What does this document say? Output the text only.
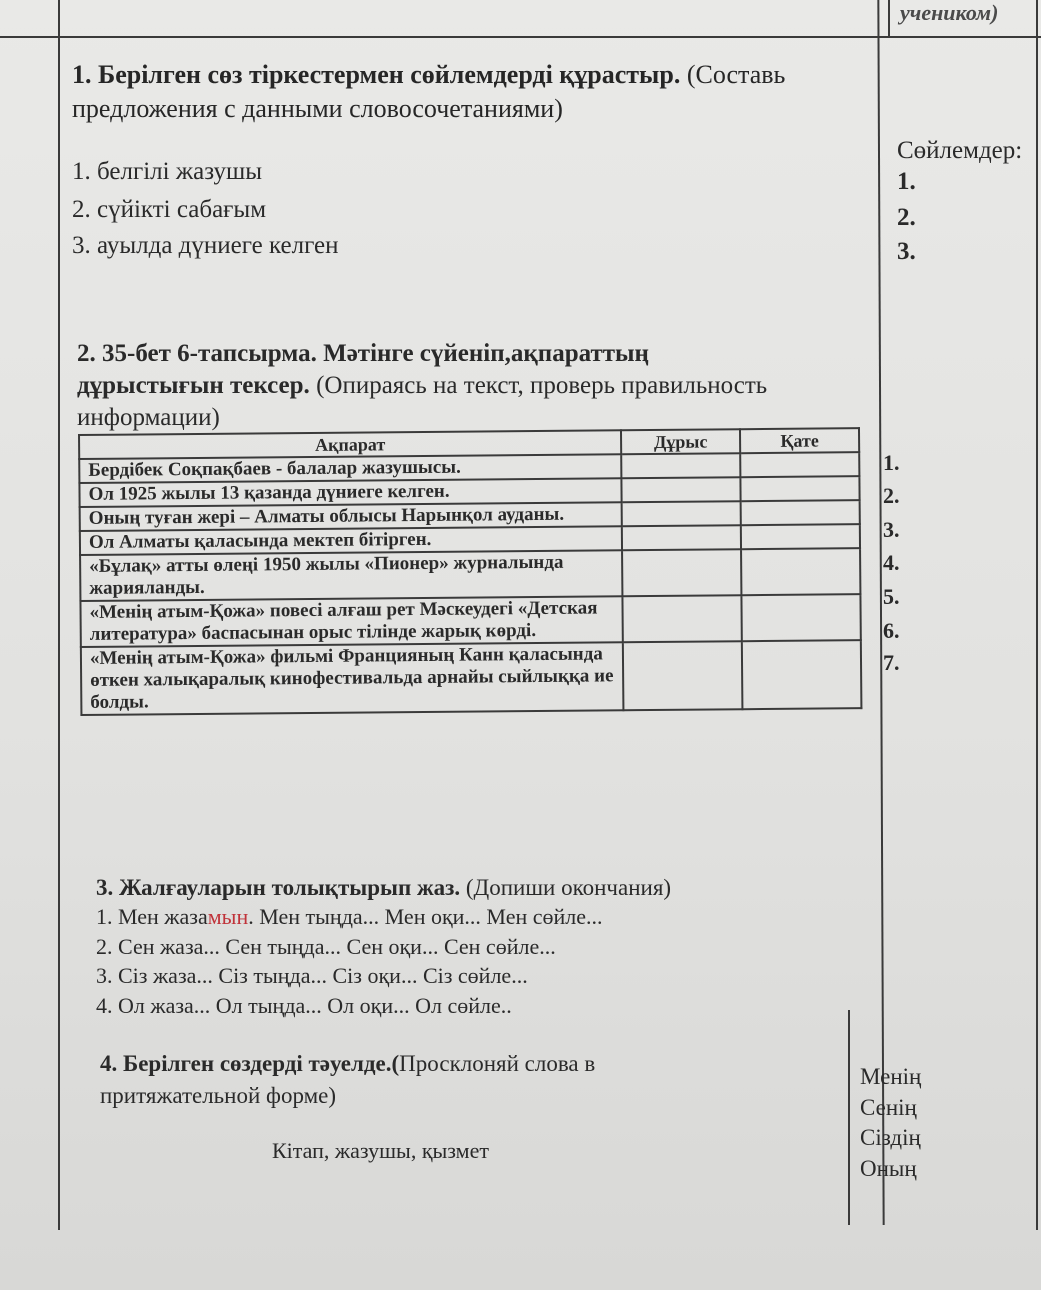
учеником)
1. Берілген сөз тіркестермен сөйлемдерді құрастыр. (Составь предложения с данными словосочетаниями)
1. белгілі жазушы
2. сүйікті сабағым
3. ауылда дүниеге келген
Сөйлемдер:
1.
2.
3.
2. 35-бет 6-тапсырма. Мәтінге сүйеніп,ақпараттың
дұрыстығын тексер. (Опираясь на текст, проверь правильность
информации)
Ақпарат	Дұрыс	Қате
Бердібек Соқпақбаев - балалар жазушысы.		
Ол 1925 жылы 13 қазанда дүниеге келген.		
Оның туған жері – Алматы облысы Нарынқол ауданы.		
Ол Алматы қаласында мектеп бітірген.		
«Бұлақ» атты өлеңі 1950 жылы «Пионер» журналында жарияланды.		
«Менің атым-Қожа» повесі алғаш рет Мәскеудегі «Детская литература» баспасынан орыс тілінде жарық көрді.		
«Менің атым-Қожа» фильмі Францияның Канн қаласында өткен халықаралық кинофестивальда арнайы сыйлыққа ие болды.		
1.
2.
3.
4.
5.
6.
7.
3. Жалғауларын толықтырып жаз. (Допиши окончания)
1. Мен жазамын. Мен тыңда... Мен оқи... Мен сөйле...
2. Сен жаза... Сен тыңда... Сен оқи... Сен сөйле...
3. Сіз жаза... Сіз тыңда... Сіз оқи... Сіз сөйле...
4. Ол жаза... Ол тыңда... Ол оқи... Ол сөйле..
4. Берілген сөздерді тәуелде.(Просклоняй слова в притяжательной форме)
Кітап, жазушы, қызмет
Менің
Сенің
Сіздің
Оның
